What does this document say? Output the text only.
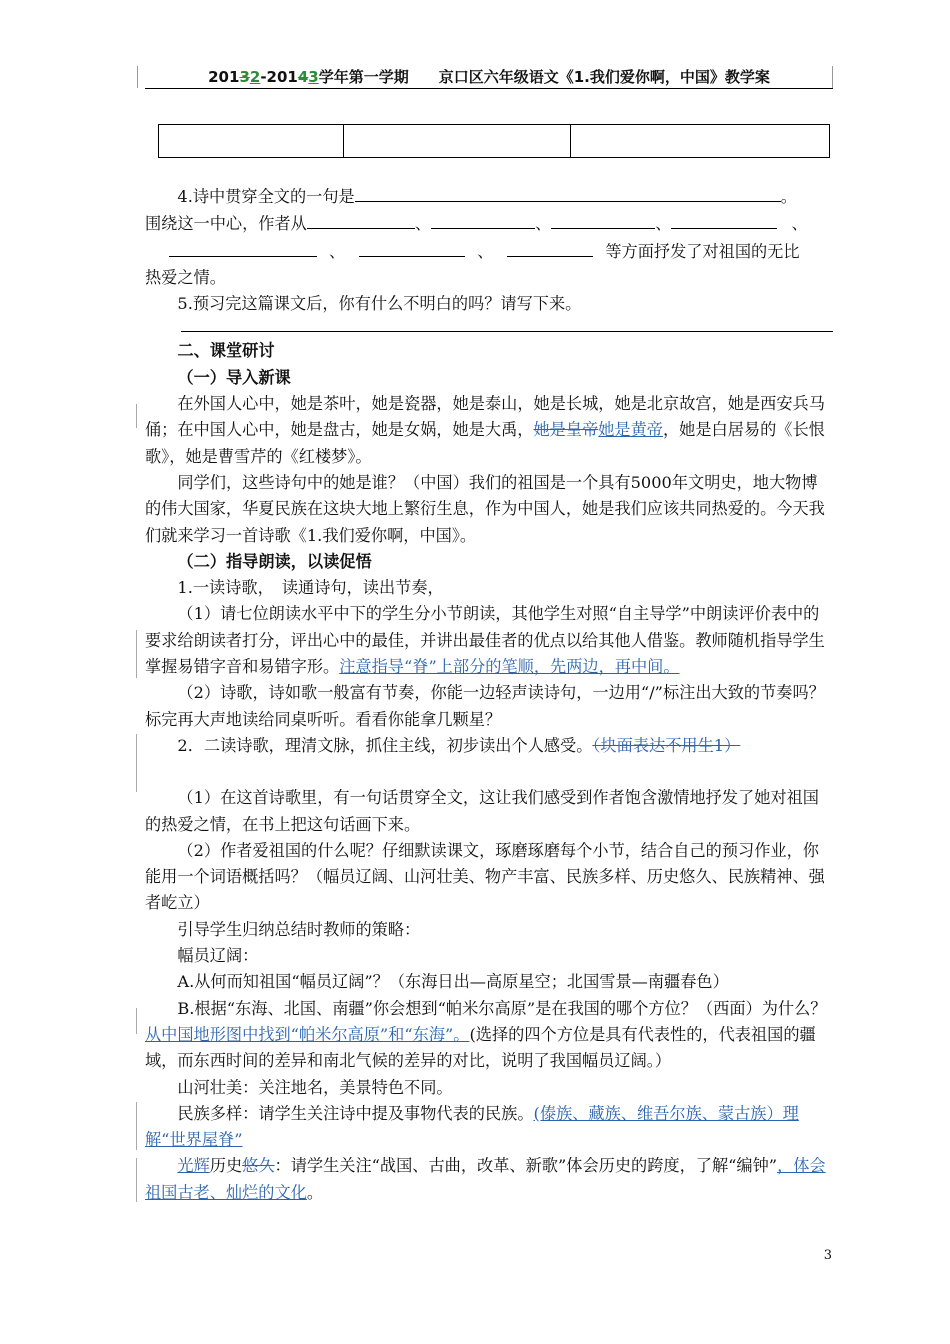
20132-20143学年第一学期　　京口区六年级语文《1.我们爱你啊，中国》教学案

4.诗中贯穿全文的一句是	。

围绕这一中心，作者从	、	、	、	、

、	、	等方面抒发了对祖国的无比

热爱之情。

5.预习完这篇课文后，你有什么不明白的吗？请写下来。

二、课堂研讨

（一）导入新课

在外国人心中，她是茶叶，她是瓷器，她是泰山，她是长城，她是北京故宫，她是西安兵马俑；在中国人心中，她是盘古，她是女娲，她是大禹，她是皇帝她是黄帝，她是白居易的《长恨歌》，她是曹雪芹的《红楼梦》。

同学们，这些诗句中的她是谁？（中国）我们的祖国是一个具有5000年文明史，地大物博的伟大国家，华夏民族在这块大地上繁衍生息，作为中国人，她是我们应该共同热爱的。今天我们就来学习一首诗歌《1.我们爱你啊，中国》。

（二）指导朗读，以读促悟

1.一读诗歌，　读通诗句，读出节奏，

（1）请七位朗读水平中下的学生分小节朗读，其他学生对照“自主导学”中朗读评价表中的要求给朗读者打分，评出心中的最佳，并讲出最佳者的优点以给其他人借鉴。教师随机指导学生掌握易错字音和易错字形。注意指导“脊”上部分的笔顺，先两边，再中间。

（2）诗歌，诗如歌一般富有节奏，你能一边轻声读诗句，一边用“/”标注出大致的节奏吗？标完再大声地读给同桌听听。看看你能拿几颗星？

2．二读诗歌，理清文脉，抓住主线，初步读出个人感受。（块面表达不用生1）

（1）在这首诗歌里，有一句话贯穿全文，这让我们感受到作者饱含激情地抒发了她对祖国的热爱之情，在书上把这句话画下来。

（2）作者爱祖国的什么呢？仔细默读课文，琢磨琢磨每个小节，结合自己的预习作业，你能用一个词语概括吗？（幅员辽阔、山河壮美、物产丰富、民族多样、历史悠久、民族精神、强者屹立）

引导学生归纳总结时教师的策略：

幅员辽阔：

A.从何而知祖国“幅员辽阔”？（东海日出—高原星空；北国雪景—南疆春色）

B.根据“东海、北国、南疆”你会想到“帕米尔高原”是在我国的哪个方位？（西面）为什么？从中国地形图中找到“帕米尔高原”和“东海”。(选择的四个方位是具有代表性的，代表祖国的疆域，而东西时间的差异和南北气候的差异的对比，说明了我国幅员辽阔。）

山河壮美：关注地名，美景特色不同。

民族多样：请学生关注诗中提及事物代表的民族。(傣族、藏族、维吾尔族、蒙古族）理解“世界屋脊”

光辉历史悠久：请学生关注“战国、古曲，改革、新歌”体会历史的跨度，了解“编钟”，体会祖国古老、灿烂的文化。

3
